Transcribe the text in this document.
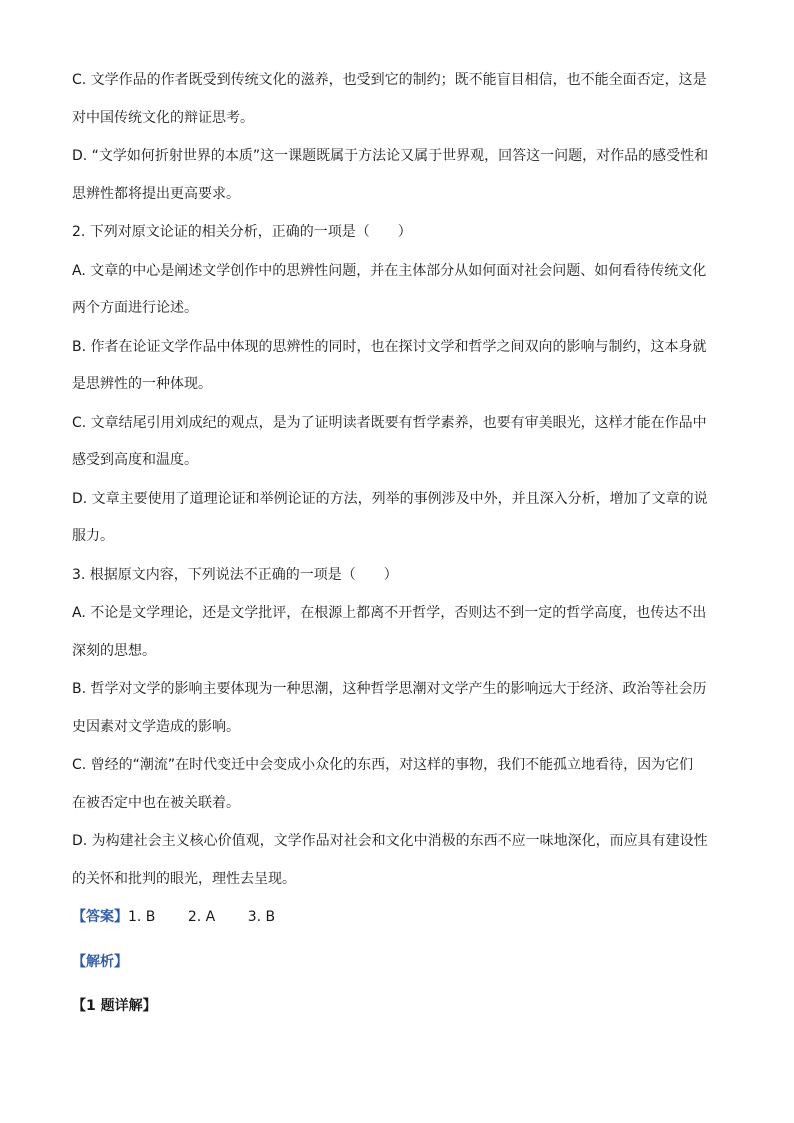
C. 文学作品的作者既受到传统文化的滋养，也受到它的制约；既不能盲目相信，也不能全面否定，这是
对中国传统文化的辩证思考。
D. “文学如何折射世界的本质”这一课题既属于方法论又属于世界观，回答这一问题，对作品的感受性和
思辨性都将提出更高要求。
2. 下列对原文论证的相关分析，正确的一项是（　　）
A. 文章的中心是阐述文学创作中的思辨性问题，并在主体部分从如何面对社会问题、如何看待传统文化
两个方面进行论述。
B. 作者在论证文学作品中体现的思辨性的同时，也在探讨文学和哲学之间双向的影响与制约，这本身就
是思辨性的一种体现。
C. 文章结尾引用刘成纪的观点，是为了证明读者既要有哲学素养，也要有审美眼光，这样才能在作品中
感受到高度和温度。
D. 文章主要使用了道理论证和举例论证的方法，列举的事例涉及中外，并且深入分析，增加了文章的说
服力。
3. 根据原文内容，下列说法不正确的一项是（　　）
A. 不论是文学理论，还是文学批评，在根源上都离不开哲学，否则达不到一定的哲学高度，也传达不出
深刻的思想。
B. 哲学对文学的影响主要体现为一种思潮，这种哲学思潮对文学产生的影响远大于经济、政治等社会历
史因素对文学造成的影响。
C. 曾经的“潮流”在时代变迁中会变成小众化的东西，对这样的事物，我们不能孤立地看待，因为它们
在被否定中也在被关联着。
D. 为构建社会主义核心价值观，文学作品对社会和文化中消极的东西不应一味地深化，而应具有建设性
的关怀和批判的眼光，理性去呈现。
【答案】1. B　　 2. A　　 3. B
【解析】
【1 题详解】
